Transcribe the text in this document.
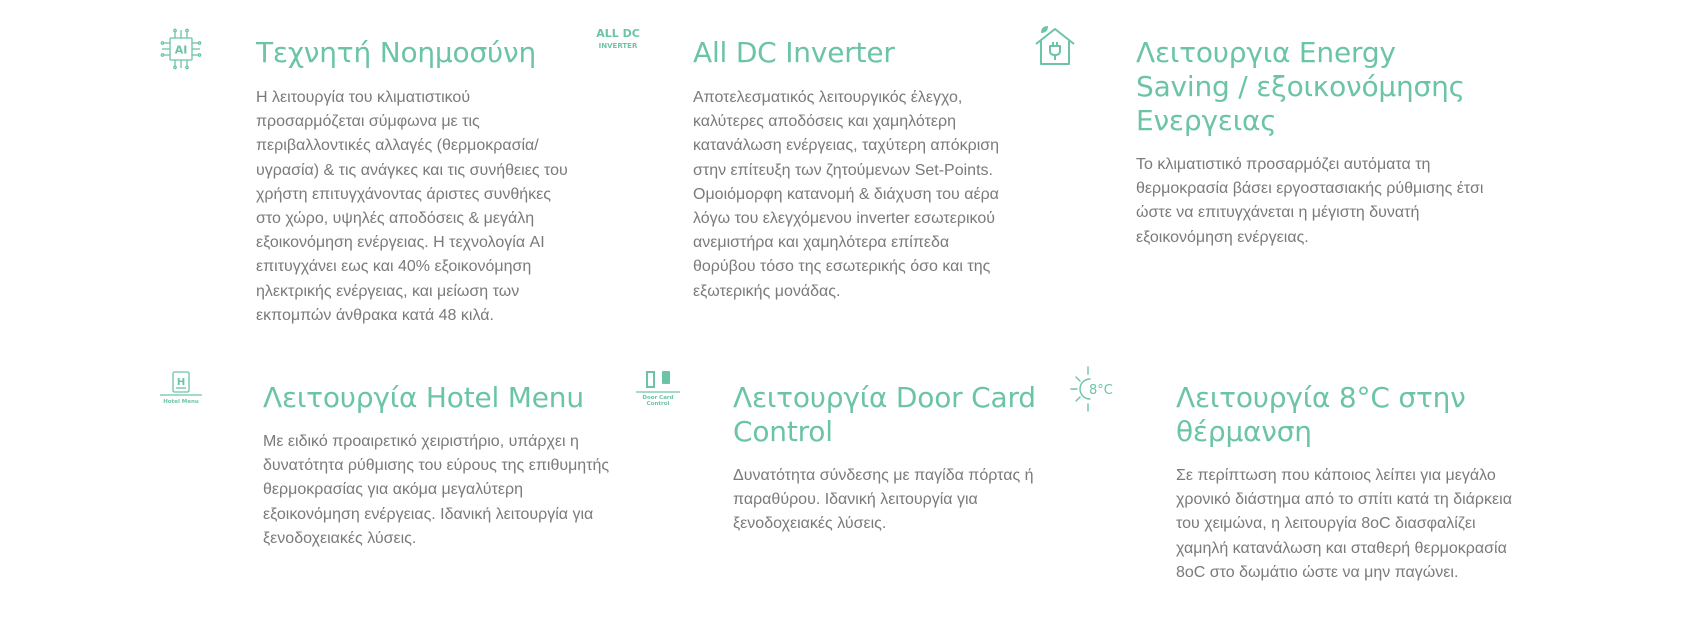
AI Τεχνητή Νοημοσύνη

Η λειτουργία του κλιματιστικού προσαρμόζεται σύμφωνα με τις περιβαλλοντικές αλλαγές (θερμοκρασία/υγρασία) & τις ανάγκες και τις συνήθειες του χρήστη επιτυγχάνοντας άριστες συνθήκες στο χώρο, υψηλές αποδόσεις & μεγάλη εξοικονόμηση ενέργειας. Η τεχνολογία AI επιτυγχάνει εως και 40% εξοικονόμηση ηλεκτρικής ενέργειας, και μείωση των εκπομπών άνθρακα κατά 48 κιλά.

ALL DC
INVERTER All DC Inverter

Αποτελεσματικός λειτουργικός έλεγχο, καλύτερες αποδόσεις και χαμηλότερη κατανάλωση ενέργειας, ταχύτερη απόκριση στην επίτευξη των ζητούμενων Set-Points. Ομοιόμορφη κατανομή & διάχυση του αέρα λόγω του ελεγχόμενου inverter εσωτερικού ανεμιστήρα και χαμηλότερα επίπεδα θορύβου τόσο της εσωτερικής όσο και της εξωτερικής μονάδας.

Λειτουργια Energy Saving / εξοικονόμησης Ενεργειας

Το κλιματιστικό προσαρμόζει αυτόματα τη θερμοκρασία βάσει εργοστασιακής ρύθμισης έτσι ώστε να επιτυγχάνεται η μέγιστη δυνατή εξοικονόμηση ενέργειας.

H
Hotel Menu Λειτουργία Hotel Menu

Με ειδικό προαιρετικό χειριστήριο, υπάρχει η δυνατότητα ρύθμισης του εύρους της επιθυμητής θερμοκρασίας για ακόμα μεγαλύτερη εξοικονόμηση ενέργειας. Ιδανική λειτουργία για ξενοδοχειακές λύσεις.

Door Card
Control Λειτουργία Door Card Control

Δυνατότητα σύνδεσης με παγίδα πόρτας ή παραθύρου. Ιδανική λειτουργία για ξενοδοχειακές λύσεις.

8°C Λειτουργία 8°C στην θέρμανση

Σε περίπτωση που κάποιος λείπει για μεγάλο χρονικό διάστημα από το σπίτι κατά τη διάρκεια του χειμώνα, η λειτουργία 8oC διασφαλίζει χαμηλή κατανάλωση και σταθερή θερμοκρασία 8oC στο δωμάτιο ώστε να μην παγώνει.
